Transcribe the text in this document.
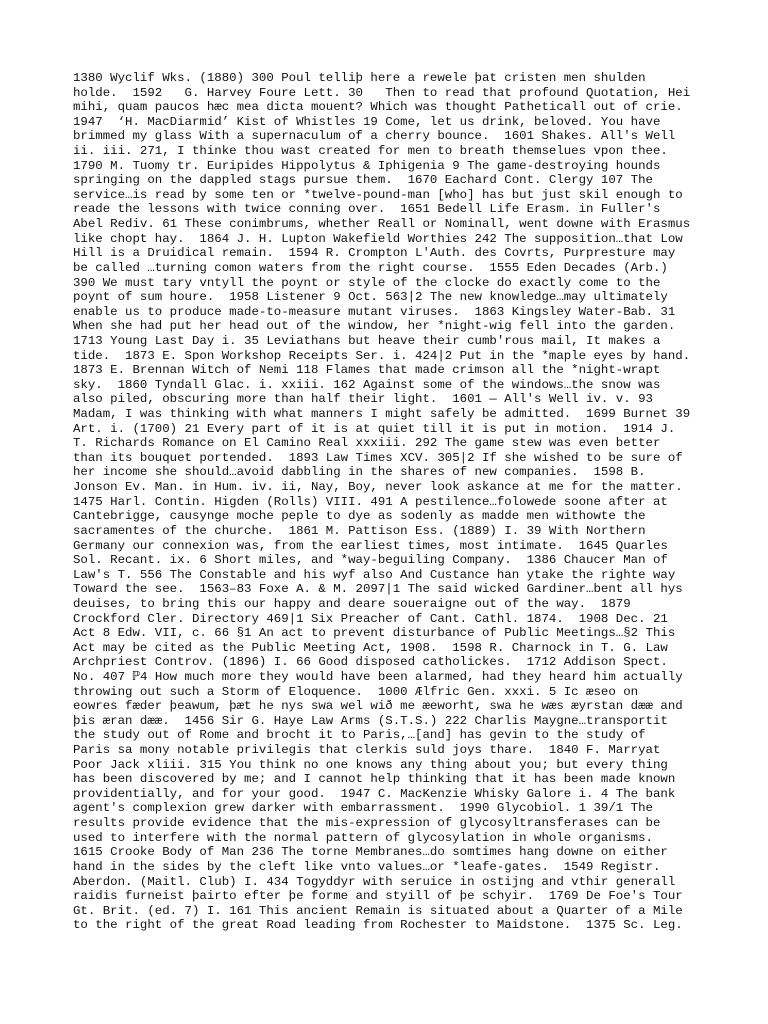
1380 Wyclif Wks. (1880) 300 Poul telliþ here a rewele þat cristen men shulden
holde.  1592   G. Harvey Foure Lett. 30   Then to read that profound Quotation, Hei
mihi, quam paucos hæc mea dicta mouent? Which was thought Patheticall out of crie.
1947  ‘H. MacDiarmid’ Kist of Whistles 19 Come, let us drink, beloved. You have
brimmed my glass With a supernaculum of a cherry bounce.  1601 Shakes. All's Well
ii. iii. 271, I thinke thou wast created for men to breath themselues vpon thee.
1790 M. Tuomy tr. Euripides Hippolytus & Iphigenia 9 The game-destroying hounds
springing on the dappled stags pursue them.  1670 Eachard Cont. Clergy 107 The
service…is read by some ten or *twelve-pound-man [who] has but just skil enough to
reade the lessons with twice conning over.  1651 Bedell Life Erasm. in Fuller's
Abel Rediv. 61 These conimbrums, whether Reall or Nominall, went downe with Erasmus
like chopt hay.  1864 J. H. Lupton Wakefield Worthies 242 The supposition…that Low
Hill is a Druidical remain.  1594 R. Crompton L'Auth. des Covrts, Purpresture may
be called …turning comon waters from the right course.  1555 Eden Decades (Arb.)
390 We must tary vntyll the poynt or style of the clocke do exactly come to the
poynt of sum houre.  1958 Listener 9 Oct. 563|2 The new knowledge…may ultimately
enable us to produce made-to-measure mutant viruses.  1863 Kingsley Water-Bab. 31
When she had put her head out of the window, her *night-wig fell into the garden.
1713 Young Last Day i. 35 Leviathans but heave their cumb'rous mail, It makes a
tide.  1873 E. Spon Workshop Receipts Ser. i. 424|2 Put in the *maple eyes by hand.
1873 E. Brennan Witch of Nemi 118 Flames that made crimson all the *night-wrapt
sky.  1860 Tyndall Glac. i. xxiii. 162 Against some of the windows…the snow was
also piled, obscuring more than half their light.  1601 — All's Well iv. v. 93
Madam, I was thinking with what manners I might safely be admitted.  1699 Burnet 39
Art. i. (1700) 21 Every part of it is at quiet till it is put in motion.  1914 J.
T. Richards Romance on El Camino Real xxxiii. 292 The game stew was even better
than its bouquet portended.  1893 Law Times XCV. 305|2 If she wished to be sure of
her income she should…avoid dabbling in the shares of new companies.  1598 B.
Jonson Ev. Man. in Hum. iv. ii, Nay, Boy, never look askance at me for the matter.
1475 Harl. Contin. Higden (Rolls) VIII. 491 A pestilence…folowede soone after at
Cantebrigge, causynge moche peple to dye as sodenly as madde men withowte the
sacramentes of the churche.  1861 M. Pattison Ess. (1889) I. 39 With Northern
Germany our connexion was, from the earliest times, most intimate.  1645 Quarles
Sol. Recant. ix. 6 Short miles, and *way-beguiling Company.  1386 Chaucer Man of
Law's T. 556 The Constable and his wyf also And Custance han ytake the righte way
Toward the see.  1563–83 Foxe A. & M. 2097|1 The said wicked Gardiner…bent all hys
deuises, to bring this our happy and deare soueraigne out of the way.  1879
Crockford Cler. Directory 469|1 Six Preacher of Cant. Cathl. 1874.  1908 Dec. 21
Act 8 Edw. VII, c. 66 §1 An act to prevent disturbance of Public Meetings…§2 This
Act may be cited as the Public Meeting Act, 1908.  1598 R. Charnock in T. G. Law
Archpriest Controv. (1896) I. 66 Good disposed catholickes.  1712 Addison Spect.
No. 407 ℙ4 How much more they would have been alarmed, had they heard him actually
throwing out such a Storm of Eloquence.  1000 Ælfric Gen. xxxi. 5 Ic æseo on
eowres fæder þeawum, þæt he nys swa wel wið me æeworht, swa he wæs æyrstan dææ and
þis æran dææ.  1456 Sir G. Haye Law Arms (S.T.S.) 222 Charlis Maygne…transportit
the study out of Rome and brocht it to Paris,…[and] has gevin to the study of
Paris sa mony notable privilegis that clerkis suld joys thare.  1840 F. Marryat
Poor Jack xliii. 315 You think no one knows any thing about you; but every thing
has been discovered by me; and I cannot help thinking that it has been made known
providentially, and for your good.  1947 C. MacKenzie Whisky Galore i. 4 The bank
agent's complexion grew darker with embarrassment.  1990 Glycobiol. 1 39/1 The
results provide evidence that the mis-expression of glycosyltransferases can be
used to interfere with the normal pattern of glycosylation in whole organisms.
1615 Crooke Body of Man 236 The torne Membranes…do somtimes hang downe on either
hand in the sides by the cleft like vnto values…or *leafe-gates.  1549 Registr.
Aberdon. (Maitl. Club) I. 434 Togyddyr with seruice in ostijng and vthir generall
raidis furneist þairto efter þe forme and styill of þe schyir.  1769 De Foe's Tour
Gt. Brit. (ed. 7) I. 161 This ancient Remain is situated about a Quarter of a Mile
to the right of the great Road leading from Rochester to Maidstone.  1375 Sc. Leg.
